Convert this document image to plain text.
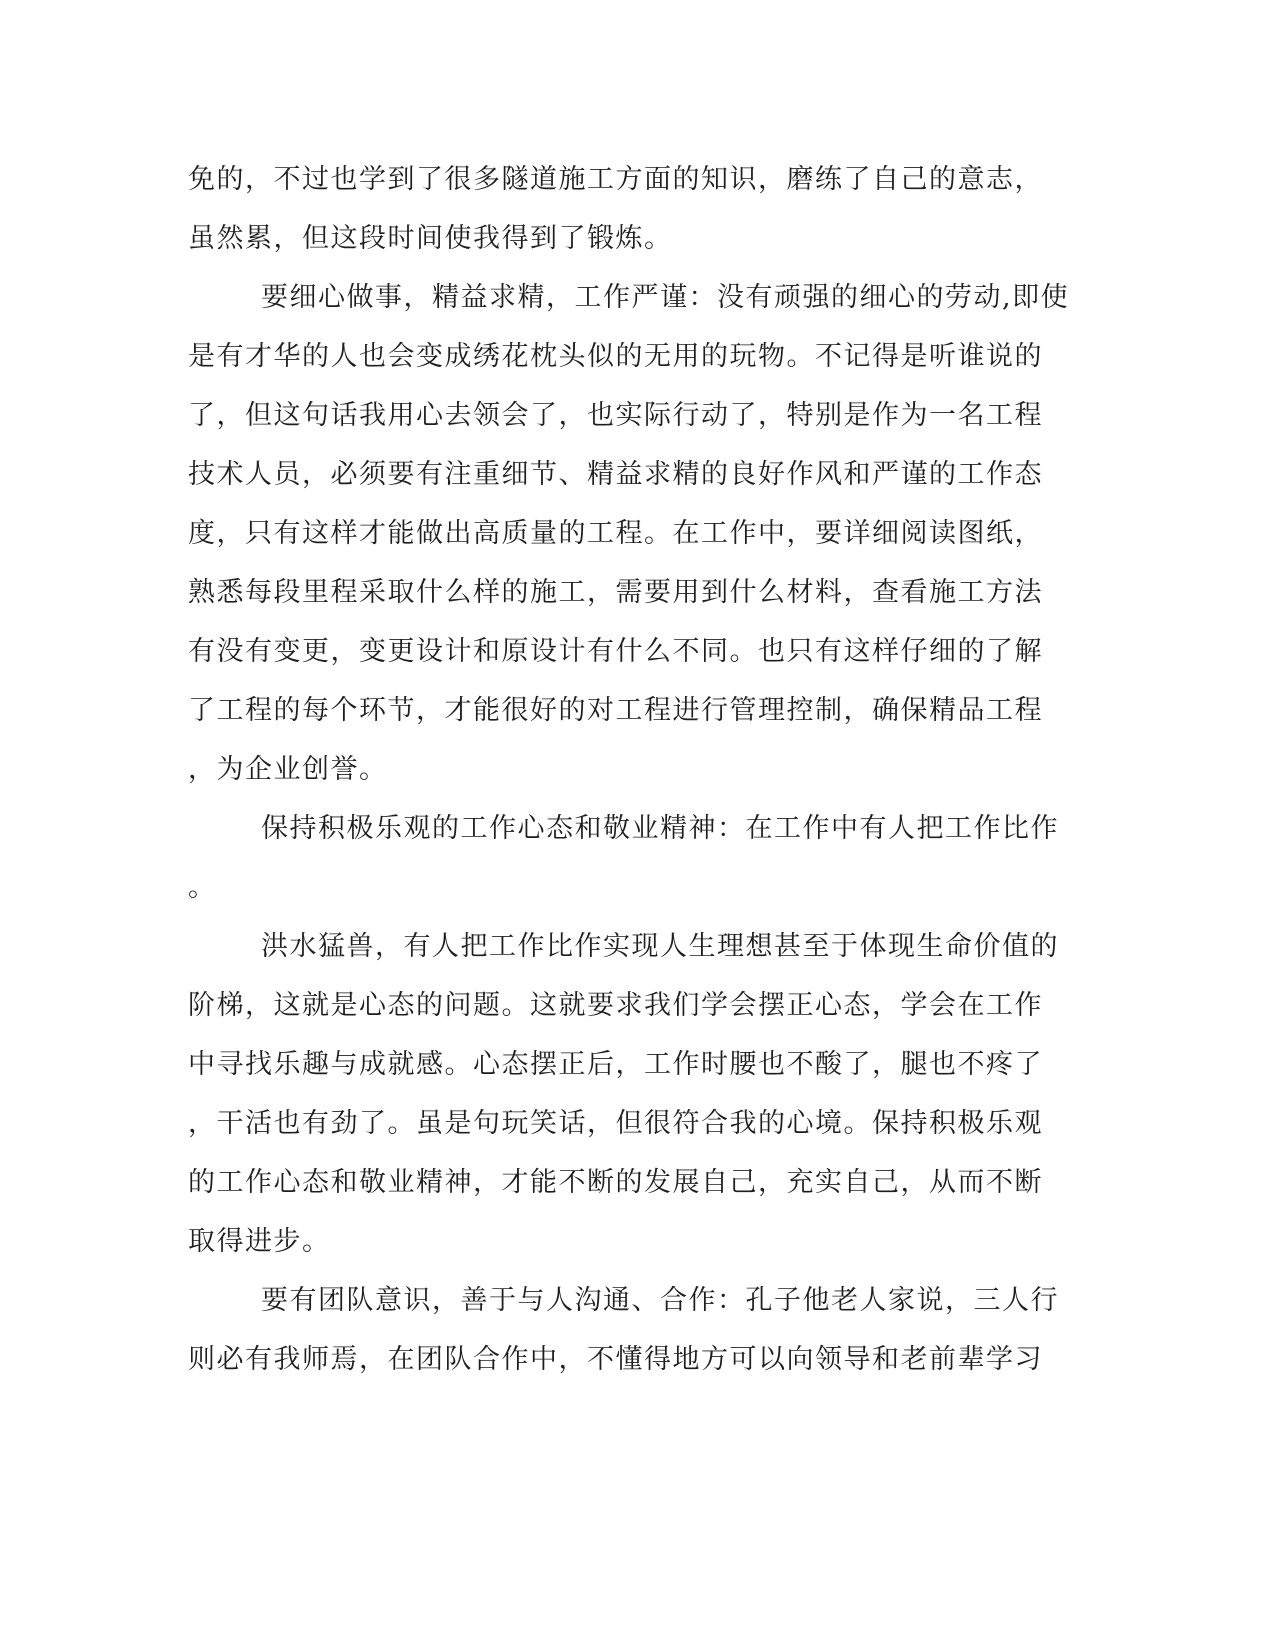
免的，不过也学到了很多隧道施工方面的知识，磨练了自己的意志，

虽然累，但这段时间使我得到了锻炼。

要细心做事，精益求精，工作严谨：没有顽强的细心的劳动,即使

是有才华的人也会变成绣花枕头似的无用的玩物。不记得是听谁说的

了，但这句话我用心去领会了，也实际行动了，特别是作为一名工程

技术人员，必须要有注重细节、精益求精的良好作风和严谨的工作态

度，只有这样才能做出高质量的工程。在工作中，要详细阅读图纸，

熟悉每段里程采取什么样的施工，需要用到什么材料，查看施工方法

有没有变更，变更设计和原设计有什么不同。也只有这样仔细的了解

了工程的每个环节，才能很好的对工程进行管理控制，确保精品工程

，为企业创誉。

保持积极乐观的工作心态和敬业精神：在工作中有人把工作比作

。

洪水猛兽，有人把工作比作实现人生理想甚至于体现生命价值的

阶梯，这就是心态的问题。这就要求我们学会摆正心态，学会在工作

中寻找乐趣与成就感。心态摆正后，工作时腰也不酸了，腿也不疼了

，干活也有劲了。虽是句玩笑话，但很符合我的心境。保持积极乐观

的工作心态和敬业精神，才能不断的发展自己，充实自己，从而不断

取得进步。

要有团队意识，善于与人沟通、合作：孔子他老人家说，三人行

则必有我师焉，在团队合作中，不懂得地方可以向领导和老前辈学习
